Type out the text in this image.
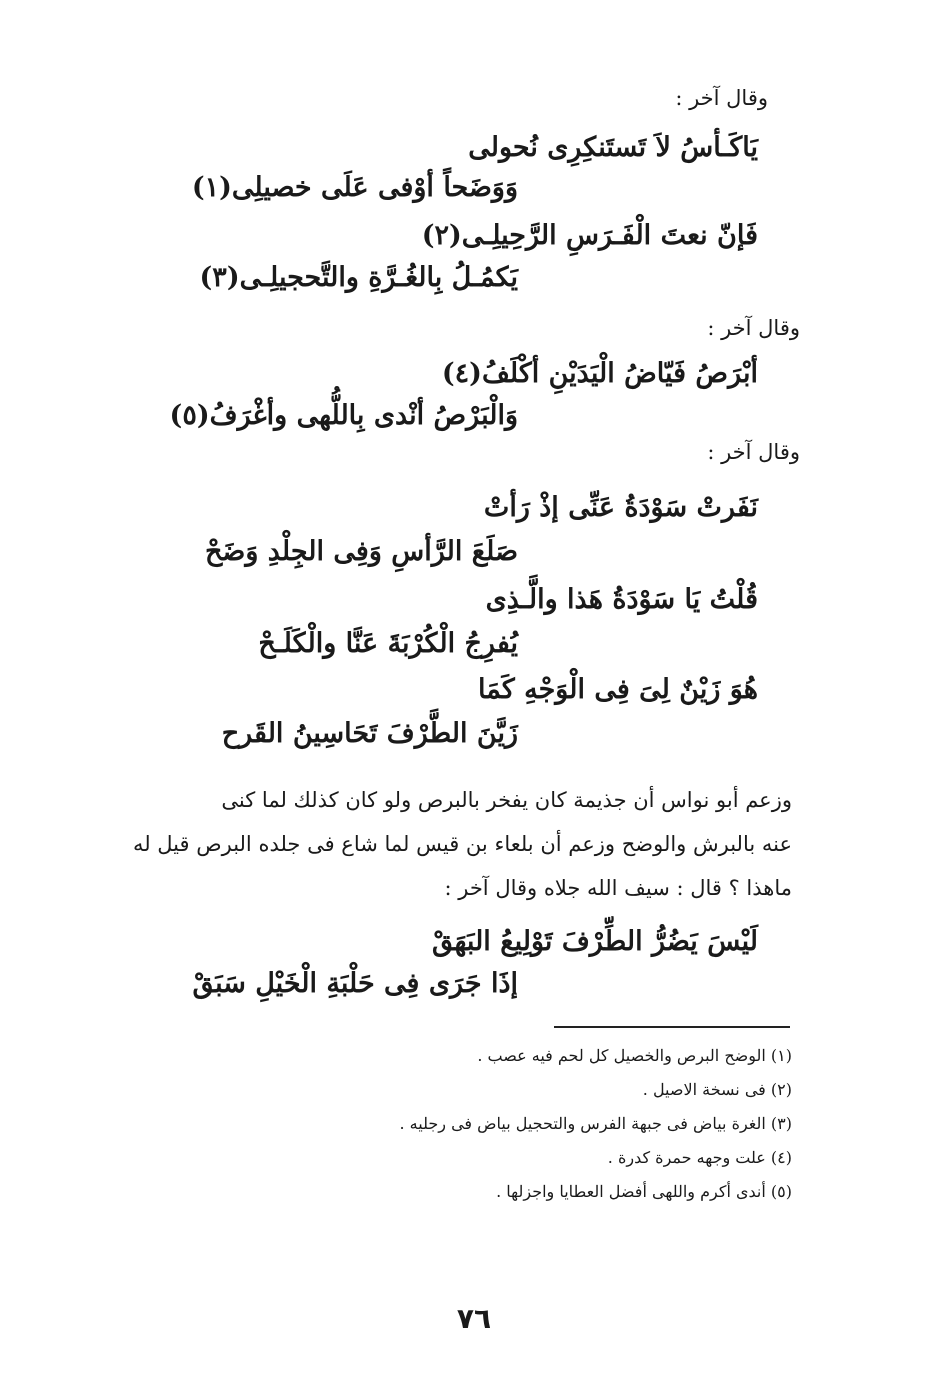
وقال آخر :
يَاكَـأسُ لاَ تَستَنكِرِى نُحولى
وَوَضَحاً أوْفى عَلَى خصيلِى(١)
فَإنّ نعتَ الْفَـرَسِ الرَّحِيلِـى(٢)
يَكمُـلُ بِالغُـرَّةِ والتَّحجيلِـى(٣)
وقال آخر :
أبْرَصُ فَيّاضُ الْيَدَيْنِ أكْلَفُ(٤)
وَالْبَرْصُ أنْدى بِاللُّهى وأغْرَفُ(٥)
وقال آخر :
نَفَرتْ سَوْدَةُ عَنِّى إذْ رَأتْ
صَلَعَ الرَّأسِ وَفِى الجِلْدِ وَضَحْ
قُلْتُ يَا سَوْدَةُ هَذا والَّـذِى
يُفرِجُ الْكُرْبَةَ عَنَّا والْكَلَـحْ
هُوَ زَيْنٌ لِىَ فِى الْوَجْهِ كَمَا
زَيَّنَ الطَّرْفَ تَحَاسِينُ القَرح
وزعم أبو نواس أن جذيمة كان يفخر بالبرص ولو كان كذلك لما كنى
عنه بالبرش والوضح وزعم أن بلعاء بن قيس لما شاع فى جلده البرص قيل له
ماهذا ؟ قال : سيف الله جلاه وقال آخر :
لَيْسَ يَضُرُّ الطِّرْفَ تَوْلِيعُ البَهَقْ
إذَا جَرَى فِى حَلْبَةِ الْخَيْلِ سَبَقْ
(١) الوضح البرص والخصيل كل لحم فيه عصب .
(٢) فى نسخة الاصيل .
(٣) الغرة بياض فى جبهة الفرس والتحجيل بياض فى رجليه .
(٤) علت وجهه حمرة كدرة .
(٥) أندى أكرم واللهى أفضل العطايا واجزلها .
٧٦
